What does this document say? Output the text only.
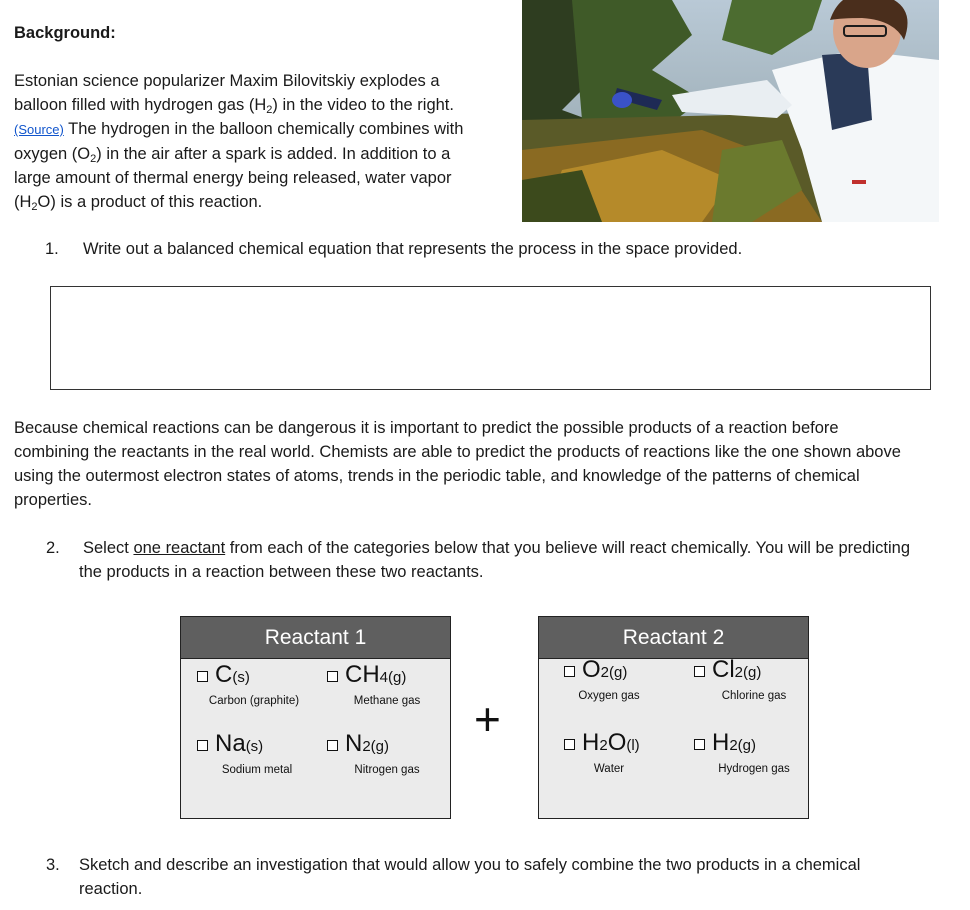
Background:
Estonian science popularizer Maxim Bilovitskiy explodes a
balloon filled with hydrogen gas $(H_2)$ in the video to the right.
(Source) The hydrogen in the balloon chemically combines with
oxygen $(O_2)$ in the air after a spark is added. In addition to a
large amount of thermal energy being released, water vapor
$(H_2O)$ is a product of this reaction.
1. Write out a balanced chemical equation that represents the process in the space provided.
Because chemical reactions can be dangerous it is important to predict the possible products of a reaction before
combining the reactants in the real world. Chemists are able to predict the products of reactions like the one shown above
using the outermost electron states of atoms, trends in the periodic table, and knowledge of the patterns of chemical
properties.
2. Select one reactant from each of the categories below that you believe will react chemically. You will be predicting
the products in a reaction between these two reactants.
Reactant 1
C(s)
Carbon (graphite)
CH4(g)
Methane gas
Na(s)
Sodium metal
N2(g)
Nitrogen gas
+
Reactant 2
O2(g)
Oxygen gas
Cl2(g)
Chlorine gas
H2O(l)
Water
H2(g)
Hydrogen gas
3. Sketch and describe an investigation that would allow you to safely combine the two products in a chemical
reaction.
